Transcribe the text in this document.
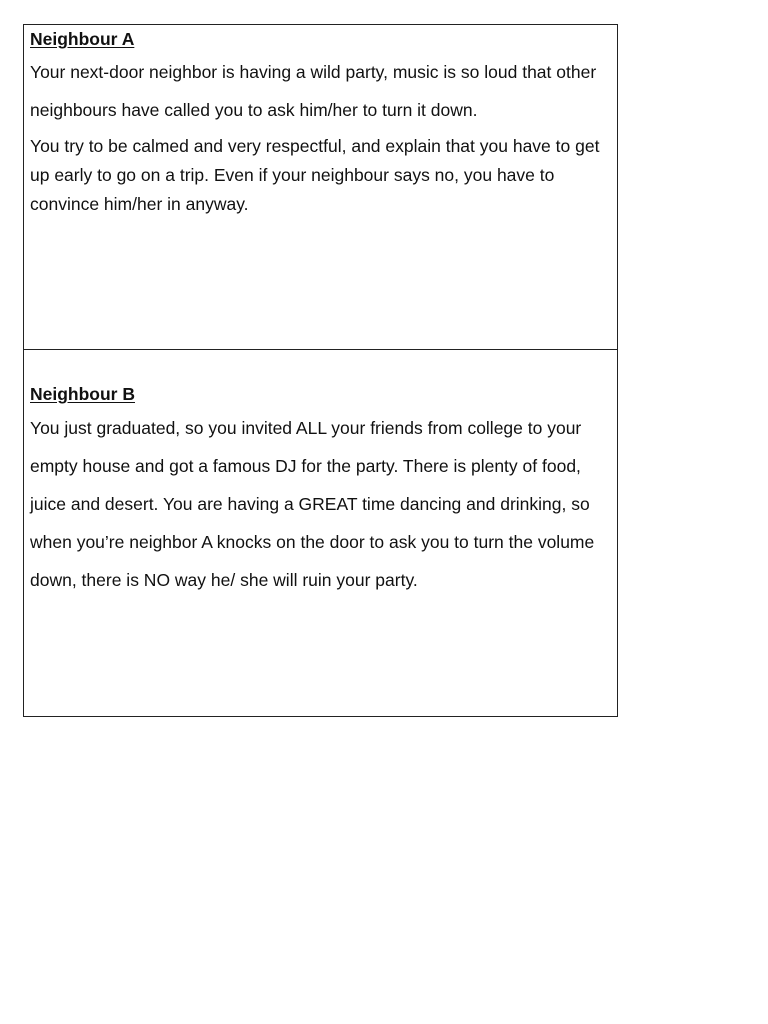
Neighbour A

Your next-door neighbor is having a wild party, music is so loud that other neighbours have called you to ask him/her to turn it down.

You try to be calmed and very respectful, and explain that you have to get up early to go on a trip. Even if your neighbour says no, you have to convince him/her in anyway.

Neighbour B

You just graduated, so you invited ALL your friends from college to your empty house and got a famous DJ for the party. There is plenty of food, juice and desert. You are having a GREAT time dancing and drinking, so when you’re neighbor A knocks on the door to ask you to turn the volume down, there is NO way he/ she will ruin your party.
